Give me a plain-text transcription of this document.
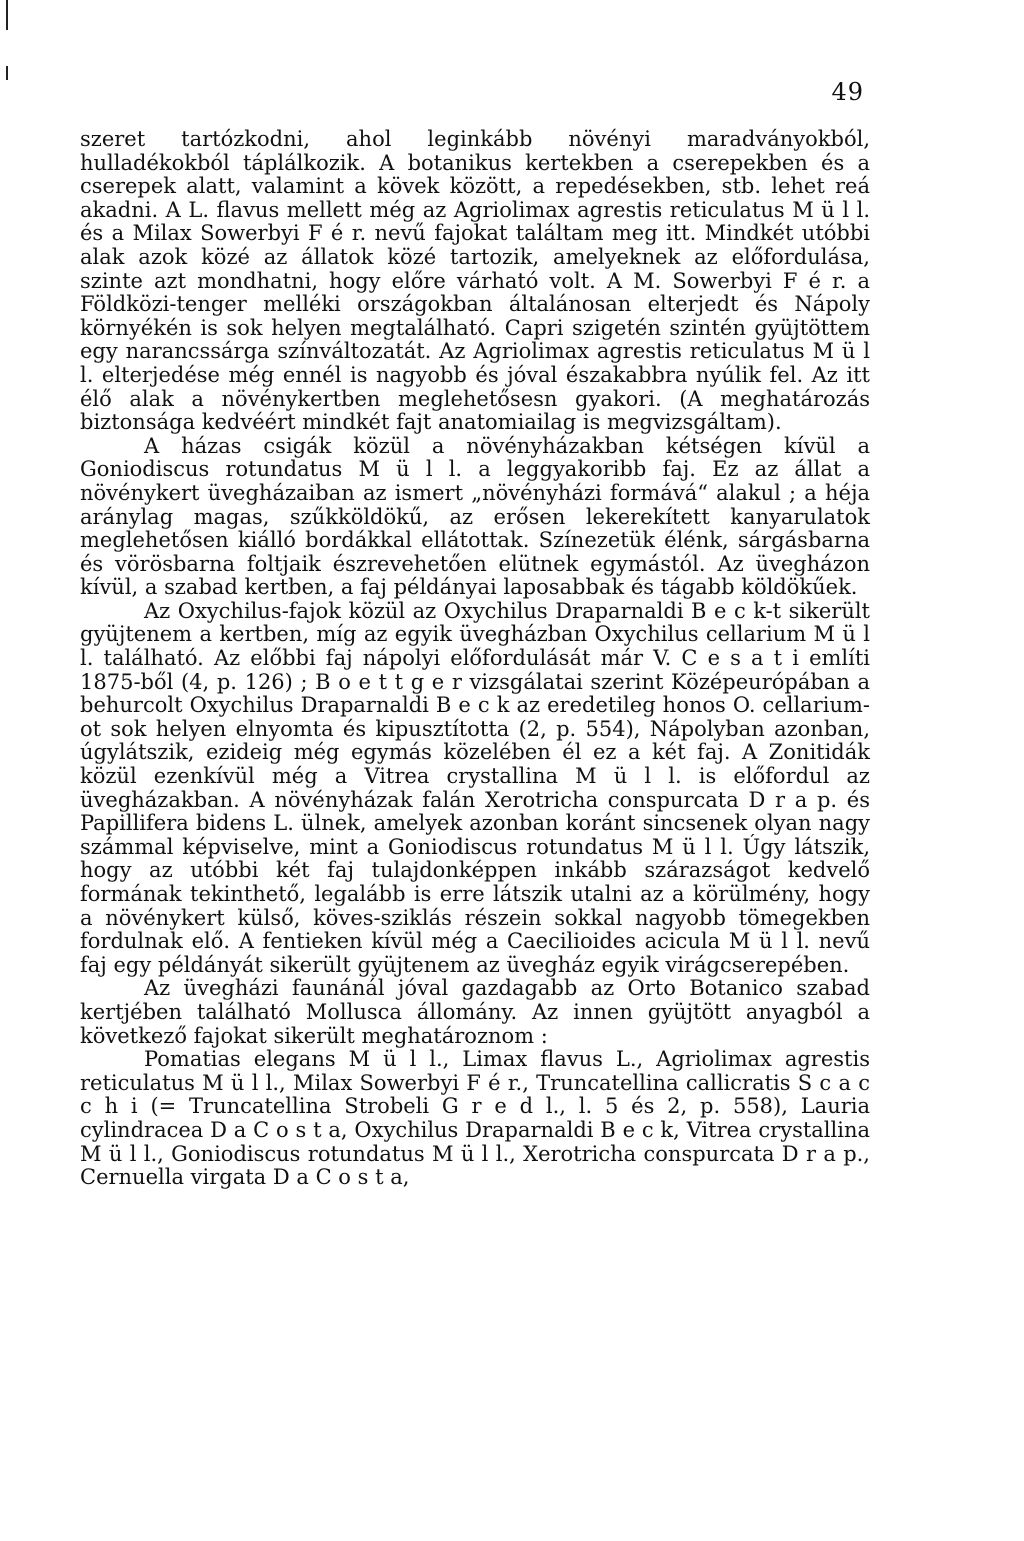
49

szeret tartózkodni, ahol leginkább növényi maradványokból, hulladékokból táplálkozik. A botanikus kertekben a cserepekben és a cserepek alatt, valamint a kövek között, a repedésekben, stb. lehet reá akadni. A L. flavus mellett még az Agriolimax agrestis reticulatus M ü l l. és a Milax Sowerbyi F é r. nevű fajokat találtam meg itt. Mindkét utóbbi alak azok közé az állatok közé tartozik, amelyeknek az előfordulása, szinte azt mondhatni, hogy előre várható volt. A M. Sowerbyi F é r. a Földközi-tenger melléki országokban általánosan elterjedt és Nápoly környékén is sok helyen megtalálható. Capri szigetén szintén gyüjtöttem egy narancssárga színváltozatát. Az Agriolimax agrestis reticulatus M ü l l. elterjedése még ennél is nagyobb és jóval északabbra nyúlik fel. Az itt élő alak a növénykertben meglehetősesn gyakori. (A meghatározás biztonsága kedvéért mindkét fajt anatomiailag is megvizsgáltam).

A házas csigák közül a növényházakban kétségen kívül a Goniodiscus rotundatus M ü l l. a leggyakoribb faj. Ez az állat a növénykert üvegházaiban az ismert „növényházi formává“ alakul ; a héja aránylag magas, szűkköldökű, az erősen lekerekített kanyarulatok meglehetősen kiálló bordákkal ellátottak. Színezetük élénk, sárgásbarna és vörösbarna foltjaik észrevehetően elütnek egymástól. Az üvegházon kívül, a szabad kertben, a faj példányai laposabbak és tágabb köldökűek.

Az Oxychilus-fajok közül az Oxychilus Draparnaldi B e c k-t sikerült gyüjtenem a kertben, míg az egyik üvegházban Oxychilus cellarium M ü l l. található. Az előbbi faj nápolyi előfordulását már V. C e s a t i említi 1875-ből (4, p. 126) ; B o e t t g e r vizsgálatai szerint Középeurópában a behurcolt Oxychilus Draparnaldi B e c k az eredetileg honos O. cellarium-ot sok helyen elnyomta és kipusztította (2, p. 554), Nápolyban azonban, úgylátszik, ezideig még egymás közelében él ez a két faj. A Zonitidák közül ezenkívül még a Vitrea crystallina M ü l l. is előfordul az üvegházakban. A növényházak falán Xerotricha conspurcata D r a p. és Papillifera bidens L. ülnek, amelyek azonban koránt sincsenek olyan nagy számmal képviselve, mint a Goniodiscus rotundatus M ü l l. Úgy látszik, hogy az utóbbi két faj tulajdonképpen inkább szárazságot kedvelő formának tekinthető, legalább is erre látszik utalni az a körülmény, hogy a növénykert külső, köves-sziklás részein sokkal nagyobb tömegekben fordulnak elő. A fentieken kívül még a Caecilioides acicula M ü l l. nevű faj egy példányát sikerült gyüjtenem az üvegház egyik virágcserepében.

Az üvegházi faunánál jóval gazdagabb az Orto Botanico szabad kertjében található Mollusca állomány. Az innen gyüjtött anyagból a következő fajokat sikerült meghatároznom :

Pomatias elegans M ü l l., Limax flavus L., Agriolimax agrestis reticulatus M ü l l., Milax Sowerbyi F é r., Truncatellina callicratis S c a c c h i (= Truncatellina Strobeli G r e d l., l. 5 és 2, p. 558), Lauria cylindracea D a C o s t a, Oxychilus Draparnaldi B e c k, Vitrea crystallina M ü l l., Goniodiscus rotundatus M ü l l., Xerotricha conspurcata D r a p., Cernuella virgata D a C o s t a,
